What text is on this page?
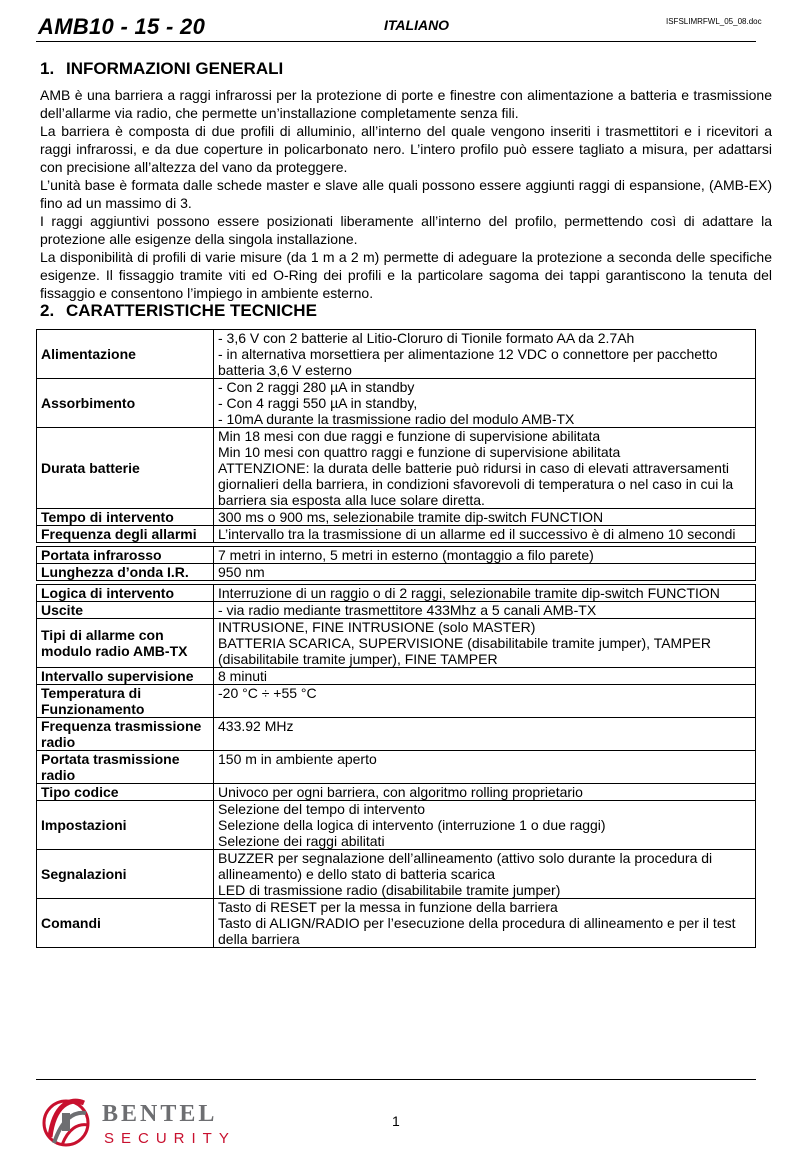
AMB10 - 15 - 20	ITALIANO	ISFSLIMRFWL_05_08.doc
1. INFORMAZIONI GENERALI

AMB è una barriera a raggi infrarossi per la protezione di porte e finestre con alimentazione a batteria e trasmissione dell’allarme via radio, che permette un’installazione completamente senza fili.

La barriera è composta di due profili di alluminio, all’interno del quale vengono inseriti i trasmettitori e i ricevitori a raggi infrarossi, e da due coperture in policarbonato nero. L’intero profilo può essere tagliato a misura, per adattarsi con precisione all’altezza del vano da proteggere.

L’unità base è formata dalle schede master e slave alle quali possono essere aggiunti raggi di espansione, (AMB-EX) fino ad un massimo di 3.

I raggi aggiuntivi possono essere posizionati liberamente all’interno del profilo, permettendo così di adattare la protezione alle esigenze della singola installazione.

La disponibilità di profili di varie misure (da 1 m a 2 m) permette di adeguare la protezione a seconda delle specifiche esigenze. Il fissaggio tramite viti ed O-Ring dei profili e la particolare sagoma dei tappi garantiscono la tenuta del fissaggio e consentono l’impiego in ambiente esterno.

2. CARATTERISTICHE TECNICHE
Alimentazione	- 3,6 V con 2 batterie al Litio-Cloruro di Tionile formato AA da 2.7Ah
- in alternativa morsettiera per alimentazione 12 VDC o connettore per pacchetto batteria 3,6 V esterno

Assorbimento	- Con 2 raggi 280 µA in standby
- Con 4 raggi 550 µA in standby,
- 10mA durante la trasmissione radio del modulo AMB-TX

Durata batterie	Min 18 mesi con due raggi e funzione di supervisione abilitata
Min 10 mesi con quattro raggi e funzione di supervisione abilitata
ATTENZIONE: la durata delle batterie può ridursi in caso di elevati attraversamenti giornalieri della barriera, in condizioni sfavorevoli di temperatura o nel caso in cui la barriera sia esposta alla luce solare diretta.

Tempo di intervento	300 ms o 900 ms, selezionabile tramite dip-switch FUNCTION

Frequenza degli allarmi	L’intervallo tra la trasmissione di un allarme ed il successivo è di almeno 10 secondi

Portata infrarosso	7 metri in interno, 5 metri in esterno (montaggio a filo parete)

Lunghezza d’onda I.R.	950 nm

Logica di intervento	Interruzione di un raggio o di 2 raggi, selezionabile tramite dip-switch FUNCTION

Uscite	- via radio mediante trasmettitore 433Mhz a 5 canali AMB-TX

Tipi di allarme con modulo radio AMB-TX	INTRUSIONE, FINE INTRUSIONE (solo MASTER)
BATTERIA SCARICA, SUPERVISIONE (disabilitabile tramite jumper), TAMPER (disabilitabile tramite jumper), FINE TAMPER

Intervallo supervisione	8 minuti

Temperatura di Funzionamento	-20 °C ÷ +55 °C

Frequenza trasmissione radio	433.92 MHz

Portata trasmissione radio	150 m in ambiente aperto

Tipo codice	Univoco per ogni barriera, con algoritmo rolling proprietario

Impostazioni	Selezione del tempo di intervento
Selezione della logica di intervento (interruzione 1 o due raggi)
Selezione dei raggi abilitati

Segnalazioni	BUZZER per segnalazione dell’allineamento (attivo solo durante la procedura di allineamento) e dello stato di batteria scarica
LED di trasmissione radio (disabilitabile tramite jumper)

Comandi	Tasto di RESET per la messa in funzione della barriera
Tasto di ALIGN/RADIO per l’esecuzione della procedura di allineamento e per il test della barriera
BENTEL
SECURITY
1
